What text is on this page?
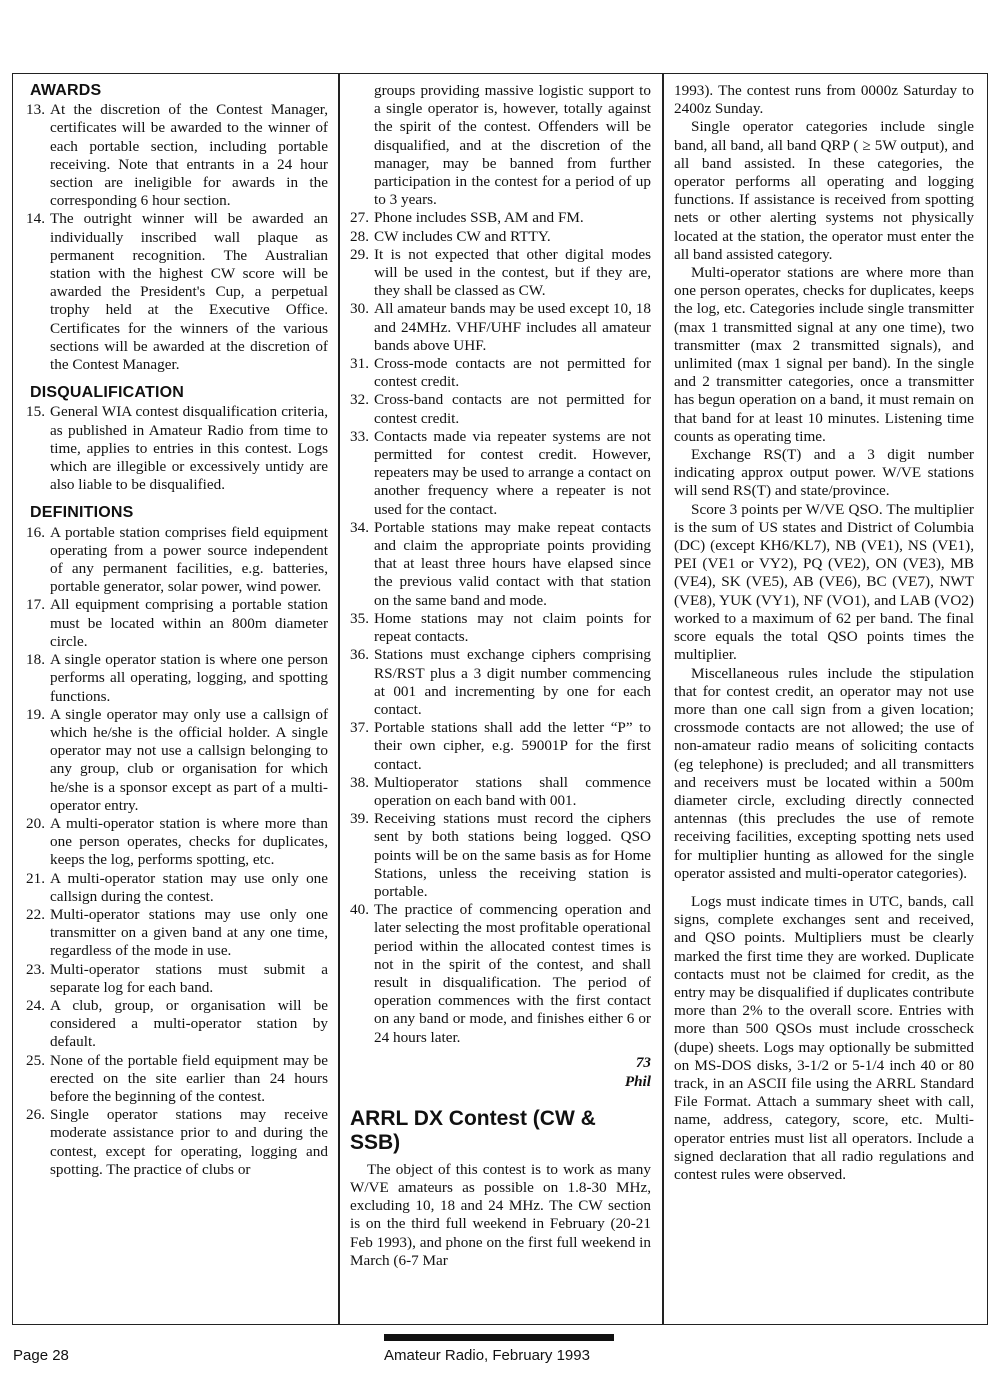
AWARDS
13. At the discretion of the Contest Manager, certificates will be awarded to the winner of each portable section, including portable receiving. Note that entrants in a 24 hour section are ineligible for awards in the corresponding 6 hour section.
14. The outright winner will be awarded an individually inscribed wall plaque as permanent recognition. The Australian station with the highest CW score will be awarded the President's Cup, a perpetual trophy held at the Executive Office. Certificates for the winners of the various sections will be awarded at the discretion of the Contest Manager.
DISQUALIFICATION
15. General WIA contest disqualification criteria, as published in Amateur Radio from time to time, applies to entries in this contest. Logs which are illegible or excessively untidy are also liable to be disqualified.
DEFINITIONS
16. A portable station comprises field equipment operating from a power source independent of any permanent facilities, e.g. batteries, portable generator, solar power, wind power.
17. All equipment comprising a portable station must be located within an 800m diameter circle.
18. A single operator station is where one person performs all operating, logging, and spotting functions.
19. A single operator may only use a callsign of which he/she is the official holder. A single operator may not use a callsign belonging to any group, club or organisation for which he/she is a sponsor except as part of a multi-operator entry.
20. A multi-operator station is where more than one person operates, checks for duplicates, keeps the log, performs spotting, etc.
21. A multi-operator station may use only one callsign during the contest.
22. Multi-operator stations may use only one transmitter on a given band at any one time, regardless of the mode in use.
23. Multi-operator stations must submit a separate log for each band.
24. A club, group, or organisation will be considered a multi-operator station by default.
25. None of the portable field equipment may be erected on the site earlier than 24 hours before the beginning of the contest.
26. Single operator stations may receive moderate assistance prior to and during the contest, except for operating, logging and spotting. The practice of clubs or
groups providing massive logistic support to a single operator is, however, totally against the spirit of the contest. Offenders will be disqualified, and at the discretion of the manager, may be banned from further participation in the contest for a period of up to 3 years.
27. Phone includes SSB, AM and FM.
28. CW includes CW and RTTY.
29. It is not expected that other digital modes will be used in the contest, but if they are, they shall be classed as CW.
30. All amateur bands may be used except 10, 18 and 24MHz. VHF/UHF includes all amateur bands above UHF.
31. Cross-mode contacts are not permitted for contest credit.
32. Cross-band contacts are not permitted for contest credit.
33. Contacts made via repeater systems are not permitted for contest credit. However, repeaters may be used to arrange a contact on another frequency where a repeater is not used for the contact.
34. Portable stations may make repeat contacts and claim the appropriate points providing that at least three hours have elapsed since the previous valid contact with that station on the same band and mode.
35. Home stations may not claim points for repeat contacts.
36. Stations must exchange ciphers comprising RS/RST plus a 3 digit number commencing at 001 and incrementing by one for each contact.
37. Portable stations shall add the letter “P” to their own cipher, e.g. 59001P for the first contact.
38. Multioperator stations shall commence operation on each band with 001.
39. Receiving stations must record the ciphers sent by both stations being logged. QSO points will be on the same basis as for Home Stations, unless the receiving station is portable.
40. The practice of commencing operation and later selecting the most profitable operational period within the allocated contest times is not in the spirit of the contest, and shall result in disqualification. The period of operation commences with the first contact on any band or mode, and finishes either 6 or 24 hours later.
73
Phil
ARRL DX Contest (CW & SSB)

The object of this contest is to work as many W/VE amateurs as possible on 1.8-30 MHz, excluding 10, 18 and 24 MHz. The CW section is on the third full weekend in February (20-21 Feb 1993), and phone on the first full weekend in March (6-7 Mar

1993). The contest runs from 0000z Saturday to 2400z Sunday.

Single operator categories include single band, all band, all band QRP ( ≥ 5W output), and all band assisted. In these categories, the operator performs all operating and logging functions. If assistance is received from spotting nets or other alerting systems not physically located at the station, the operator must enter the all band assisted category.

Multi-operator stations are where more than one person operates, checks for duplicates, keeps the log, etc. Categories include single transmitter (max 1 transmitted signal at any one time), two transmitter (max 2 transmitted signals), and unlimited (max 1 signal per band). In the single and 2 transmitter categories, once a transmitter has begun operation on a band, it must remain on that band for at least 10 minutes. Listening time counts as operating time.

Exchange RS(T) and a 3 digit number indicating approx output power. W/VE stations will send RS(T) and state/province.

Score 3 points per W/VE QSO. The multiplier is the sum of US states and District of Columbia (DC) (except KH6/KL7), NB (VE1), NS (VE1), PEI (VE1 or VY2), PQ (VE2), ON (VE3), MB (VE4), SK (VE5), AB (VE6), BC (VE7), NWT (VE8), YUK (VY1), NF (VO1), and LAB (VO2) worked to a maximum of 62 per band. The final score equals the total QSO points times the multiplier.

Miscellaneous rules include the stipulation that for contest credit, an operator may not use more than one call sign from a given location; crossmode contacts are not allowed; the use of non-amateur radio means of soliciting contacts (eg telephone) is precluded; and all transmitters and receivers must be located within a 500m diameter circle, excluding directly connected antennas (this precludes the use of remote receiving facilities, excepting spotting nets used for multiplier hunting as allowed for the single operator assisted and multi-operator categories).

Logs must indicate times in UTC, bands, call signs, complete exchanges sent and received, and QSO points. Multipliers must be clearly marked the first time they are worked. Duplicate contacts must not be claimed for credit, as the entry may be disqualified if duplicates contribute more than 2% to the overall score. Entries with more than 500 QSOs must include crosscheck (dupe) sheets. Logs may optionally be submitted on MS-DOS disks, 3-1/2 or 5-1/4 inch 40 or 80 track, in an ASCII file using the ARRL Standard File Format. Attach a summary sheet with call, name, address, category, score, etc. Multi-operator entries must list all operators. Include a signed declaration that all radio regulations and contest rules were observed.

Page 28	Amateur Radio, February 1993
